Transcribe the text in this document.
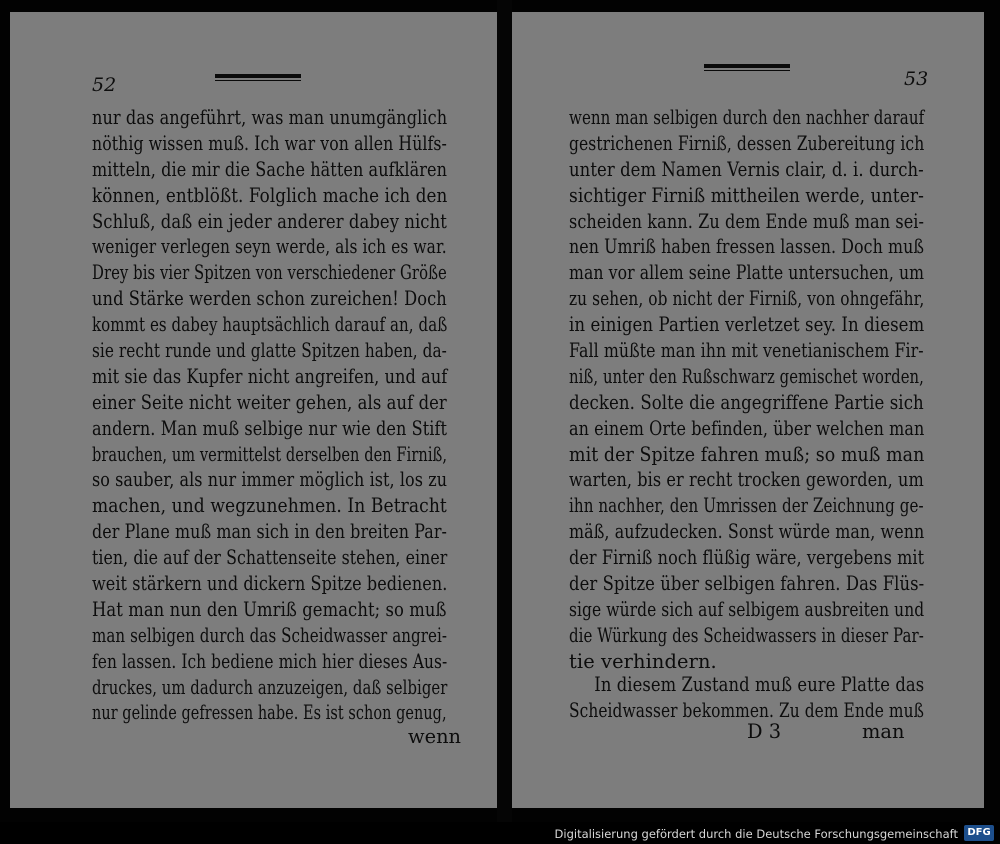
52
nur das angeführt, was man unumgänglich
nöthig wissen muß. Ich war von allen Hülfs-
mitteln, die mir die Sache hätten aufklären
können, entblößt. Folglich mache ich den
Schluß, daß ein jeder anderer dabey nicht
weniger verlegen seyn werde, als ich es war.
Drey bis vier Spitzen von verschiedener Größe
und Stärke werden schon zureichen! Doch
kommt es dabey hauptsächlich darauf an, daß
sie recht runde und glatte Spitzen haben, da-
mit sie das Kupfer nicht angreifen, und auf
einer Seite nicht weiter gehen, als auf der
andern. Man muß selbige nur wie den Stift
brauchen, um vermittelst derselben den Firniß,
so sauber, als nur immer möglich ist, los zu
machen, und wegzunehmen. In Betracht
der Plane muß man sich in den breiten Par-
tien, die auf der Schattenseite stehen, einer
weit stärkern und dickern Spitze bedienen.
Hat man nun den Umriß gemacht; so muß
man selbigen durch das Scheidwasser angrei-
fen lassen. Ich bediene mich hier dieses Aus-
druckes, um dadurch anzuzeigen, daß selbiger
nur gelinde gefressen habe. Es ist schon genug,
wenn
53
wenn man selbigen durch den nachher darauf
gestrichenen Firniß, dessen Zubereitung ich
unter dem Namen Vernis clair, d. i. durch-
sichtiger Firniß mittheilen werde, unter-
scheiden kann. Zu dem Ende muß man sei-
nen Umriß haben fressen lassen. Doch muß
man vor allem seine Platte untersuchen, um
zu sehen, ob nicht der Firniß, von ohngefähr,
in einigen Partien verletzet sey. In diesem
Fall müßte man ihn mit venetianischem Fir-
niß, unter den Rußschwarz gemischet worden,
decken. Solte die angegriffene Partie sich
an einem Orte befinden, über welchen man
mit der Spitze fahren muß; so muß man
warten, bis er recht trocken geworden, um
ihn nachher, den Umrissen der Zeichnung ge-
mäß, aufzudecken. Sonst würde man, wenn
der Firniß noch flüßig wäre, vergebens mit
der Spitze über selbigen fahren. Das Flüs-
sige würde sich auf selbigem ausbreiten und
die Würkung des Scheidwassers in dieser Par-
tie verhindern.
In diesem Zustand muß eure Platte das
Scheidwasser bekommen. Zu dem Ende muß
D 3	man
Digitalisierung gefördert durch die Deutsche Forschungsgemeinschaft DFG
